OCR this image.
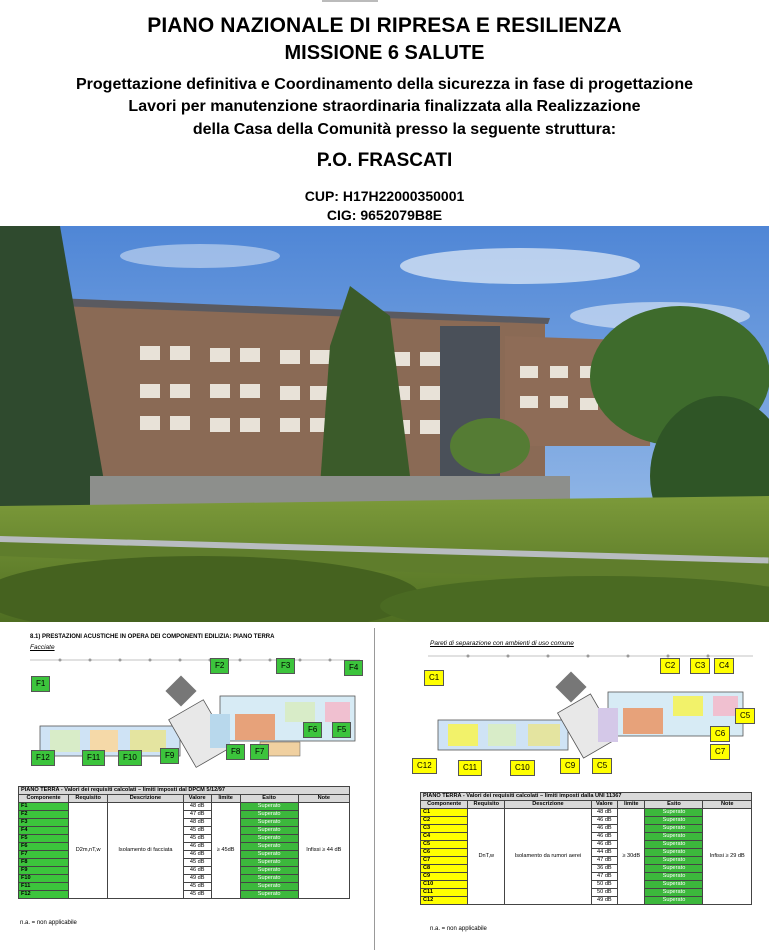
PIANO NAZIONALE DI RIPRESA E RESILIENZA
MISSIONE 6 SALUTE
Progettazione definitiva e Coordinamento della sicurezza in fase di progettazione
Lavori per manutenzione straordinaria finalizzata alla Realizzazione
della Casa della Comunità presso la seguente struttura:
P.O. FRASCATI
CUP: H17H22000350001
CIG: 9652079B8E
8.1) PRESTAZIONI ACUSTICHE IN OPERA DEI COMPONENTI EDILIZIA: PIANO TERRA
Facciate
F1
F2	F3	F4
F5
F6
F7
F8
F9
F10
F11
F12
PIANO TERRA - Valori dei requisiti calcolati – limiti imposti dal DPCM 5/12/97						
Componente	Requisito	Descrizione	Valore	limite	Esito	Note
F1	D2m,nT,w	Isolamento di facciata	48 dB	≥ 45dB	Superato	Infissi ≥ 44 dB
F2			47 dB		Superato	
F3			48 dB		Superato	
F4			45 dB		Superato	
F5			45 dB		Superato	
F6			46 dB		Superato	
F7			46 dB		Superato	
F8			45 dB		Superato	
F9			46 dB		Superato	
F10			49 dB		Superato	
F11			45 dB		Superato	
F12			45 dB		Superato	
n.a. = non applicabile
Pareti di separazione con ambienti di uso comune
C1
C2	C3	C4
C5
C6
C7
C9
C10
C11
C12	C5
PIANO TERRA - Valori dei requisiti calcolati – limiti imposti dalla UNI 11367						
Componente	Requisito	Descrizione	Valore	limite	Esito	Note
C1	DnT,w	Isolamento da rumori aerei	48 dB	≥ 30dB	Superato	Infissi ≥ 29 dB
C2			46 dB		Superato	
C3			46 dB		Superato	
C4			46 dB		Superato	
C5			46 dB		Superato	
C6			44 dB		Superato	
C7			47 dB		Superato	
C8			36 dB		Superato	
C9			47 dB		Superato	
C10			50 dB		Superato	
C11			50 dB		Superato	
C12			49 dB		Superato	
n.a. = non applicabile
